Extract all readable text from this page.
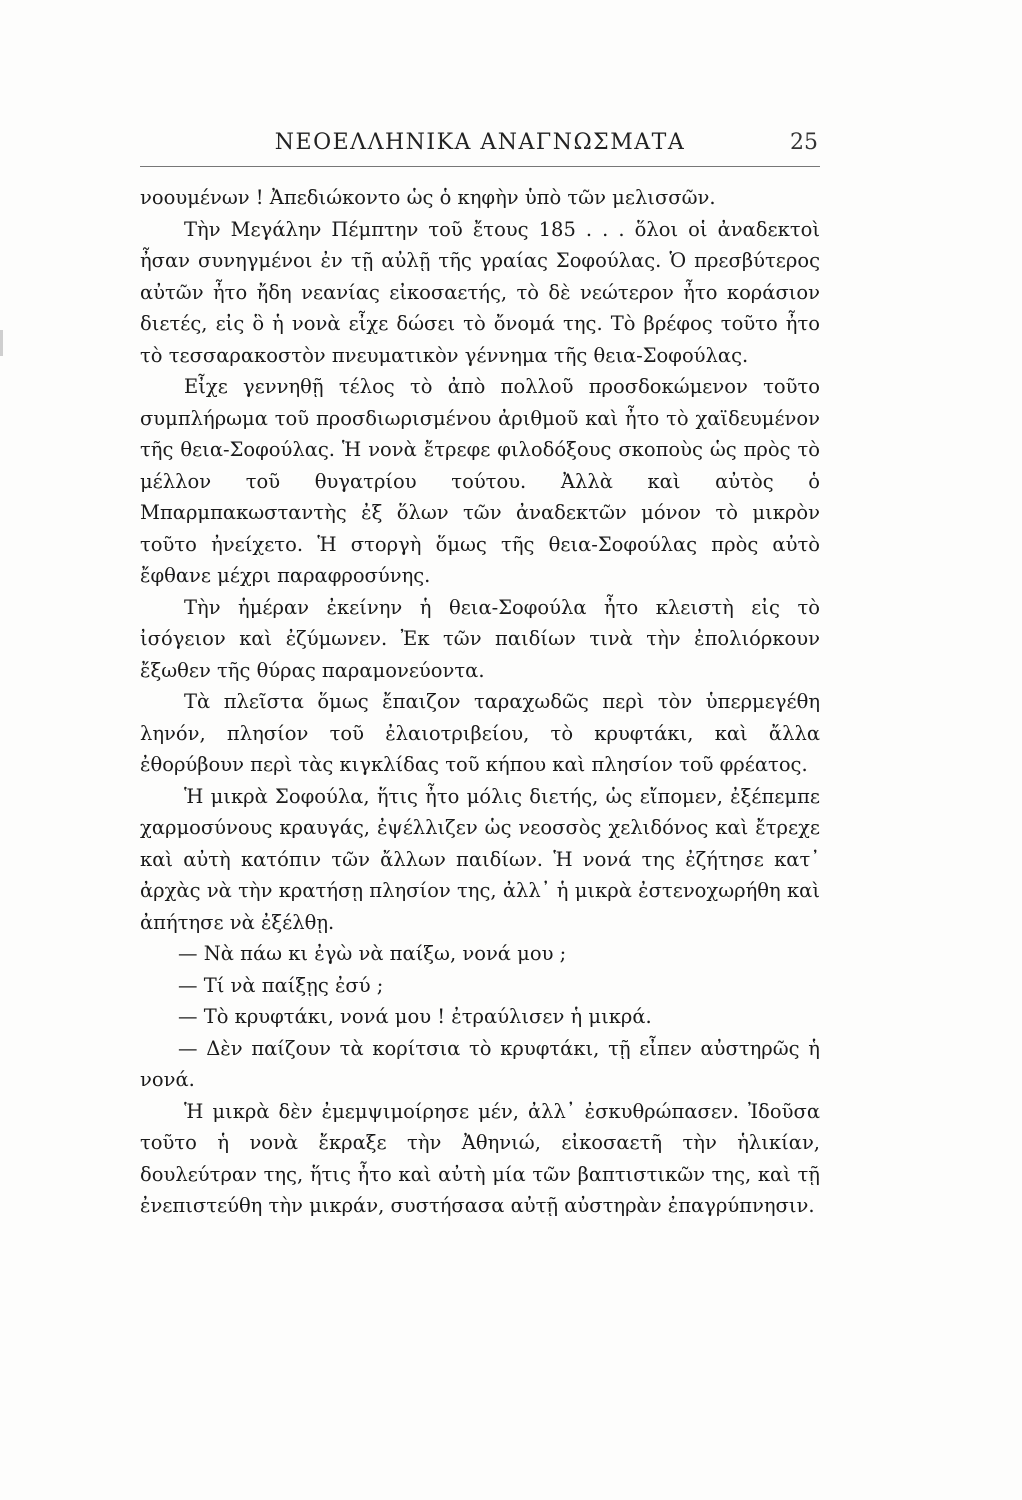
ΝΕΟΕΛΛΗΝΙΚΑ ΑΝΑΓΝΩΣΜΑΤΑ	25

νοουμένων ! Ἀπεδιώκοντο ὡς ὁ κηφὴν ὑπὸ τῶν μελισσῶν.

Τὴν Μεγάλην Πέμπτην τοῦ ἔτους 185 . . . ὅλοι οἱ ἀναδεκτοὶ ἦσαν συνηγμένοι ἐν τῇ αὐλῇ τῆς γραίας Σοφούλας. Ὁ πρεσβύτερος αὐτῶν ἦτο ἤδη νεανίας εἰκοσαετής, τὸ δὲ νεώτερον ἦτο κοράσιον διετές, εἰς ὃ ἡ νονὰ εἶχε δώσει τὸ ὄνομά της. Τὸ βρέφος τοῦτο ἦτο τὸ τεσσαρακοστὸν πνευματικὸν γέννημα τῆς θεια-Σοφούλας.

Εἶχε γεννηθῇ τέλος τὸ ἀπὸ πολλοῦ προσδοκώμενον τοῦτο συμπλήρωμα τοῦ προσδιωρισμένου ἀριθμοῦ καὶ ἦτο τὸ χαϊδευμένον τῆς θεια-Σοφούλας. Ἡ νονὰ ἔτρεφε φιλοδόξους σκοποὺς ὡς πρὸς τὸ μέλλον τοῦ θυγατρίου τούτου. Ἀλλὰ καὶ αὐτὸς ὁ Μπαρμπακωσταντὴς ἐξ ὅλων τῶν ἀναδεκτῶν μόνον τὸ μικρὸν τοῦτο ἠνείχετο. Ἡ στοργὴ ὅμως τῆς θεια-Σοφούλας πρὸς αὐτὸ ἔφθανε μέχρι παραφροσύνης.

Τὴν ἡμέραν ἐκείνην ἡ θεια-Σοφούλα ἦτο κλειστὴ εἰς τὸ ἰσόγειον καὶ ἐζύμωνεν. Ἐκ τῶν παιδίων τινὰ τὴν ἐπολιόρκουν ἔξωθεν τῆς θύρας παραμονεύοντα.

Τὰ πλεῖστα ὅμως ἔπαιζον ταραχωδῶς περὶ τὸν ὑπερμεγέθη ληνόν, πλησίον τοῦ ἐλαιοτριβείου, τὸ κρυφτάκι, καὶ ἄλλα ἐθορύβουν περὶ τὰς κιγκλίδας τοῦ κήπου καὶ πλησίον τοῦ φρέατος.

Ἡ μικρὰ Σοφούλα, ἥτις ἦτο μόλις διετής, ὡς εἴπομεν, ἐξέπεμπε χαρμοσύνους κραυγάς, ἐψέλλιζεν ὡς νεοσσὸς χελιδόνος καὶ ἔτρεχε καὶ αὐτὴ κατόπιν τῶν ἄλλων παιδίων. Ἡ νονά της ἐζήτησε κατ᾽ ἀρχὰς νὰ τὴν κρατήσῃ πλησίον της, ἀλλ᾽ ἡ μικρὰ ἐστενοχωρήθη καὶ ἀπήτησε νὰ ἐξέλθῃ.

— Νὰ πάω κι ἐγὼ νὰ παίξω, νονά μου ;

— Τί νὰ παίξῃς ἐσύ ;

— Τὸ κρυφτάκι, νονά μου ! ἐτραύλισεν ἡ μικρά.

— Δὲν παίζουν τὰ κορίτσια τὸ κρυφτάκι, τῇ εἶπεν αὐστηρῶς ἡ νονά.

Ἡ μικρὰ δὲν ἐμεμψιμοίρησε μέν, ἀλλ᾽ ἐσκυθρώπασεν. Ἰδοῦσα τοῦτο ἡ νονὰ ἔκραξε τὴν Ἀθηνιώ, εἰκοσαετῆ τὴν ἡλικίαν, δουλεύτραν της, ἥτις ἦτο καὶ αὐτὴ μία τῶν βαπτιστικῶν της, καὶ τῇ ἐνεπιστεύθη τὴν μικράν, συστήσασα αὐτῇ αὐστηρὰν ἐπαγρύπνησιν.
